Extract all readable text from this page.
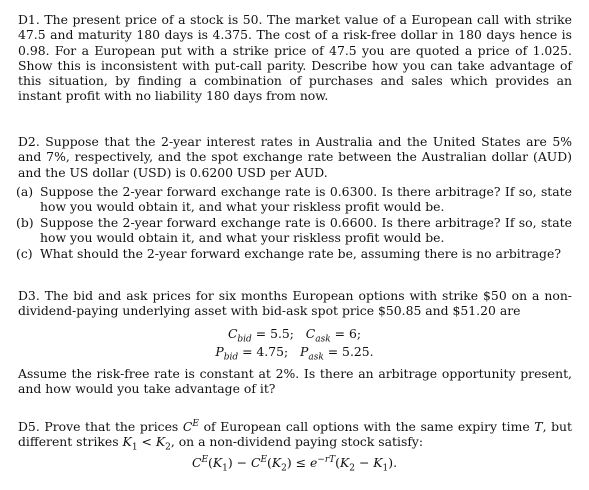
D1. The present price of a stock is 50. The market value of a European call with strike 47.5 and maturity 180 days is 4.375. The cost of a risk-free dollar in 180 days hence is 0.98. For a European put with a strike price of 47.5 you are quoted a price of 1.025. Show this is inconsistent with put-call parity. Describe how you can take advantage of this situation, by finding a combination of purchases and sales which provides an instant profit with no liability 180 days from now.

D2. Suppose that the 2-year interest rates in Australia and the United States are 5% and 7%, respectively, and the spot exchange rate between the Australian dollar (AUD) and the US dollar (USD) is 0.6200 USD per AUD.

(a) Suppose the 2-year forward exchange rate is 0.6300. Is there arbitrage? If so, state how you would obtain it, and what your riskless profit would be.
(b) Suppose the 2-year forward exchange rate is 0.6600. Is there arbitrage? If so, state how you would obtain it, and what your riskless profit would be.
(c) What should the 2-year forward exchange rate be, assuming there is no arbitrage?

D3. The bid and ask prices for six months European options with strike $50 on a non-dividend-paying underlying asset with bid-ask spot price $50.85 and $51.20 are

$C_{bid} = 5.5$; $C_{ask} = 6$;

$P_{bid} = 4.75$; $P_{ask} = 5.25$.

Assume the risk-free rate is constant at 2%. Is there an arbitrage opportunity present, and how would you take advantage of it?

D5. Prove that the prices $C^E$ of European call options with the same expiry time T, but different strikes $K_1 < K_2$, on a non-dividend paying stock satisfy:

$C^E(K_1) - C^E(K_2) \le e^{-rT}(K_2 - K_1)$.
